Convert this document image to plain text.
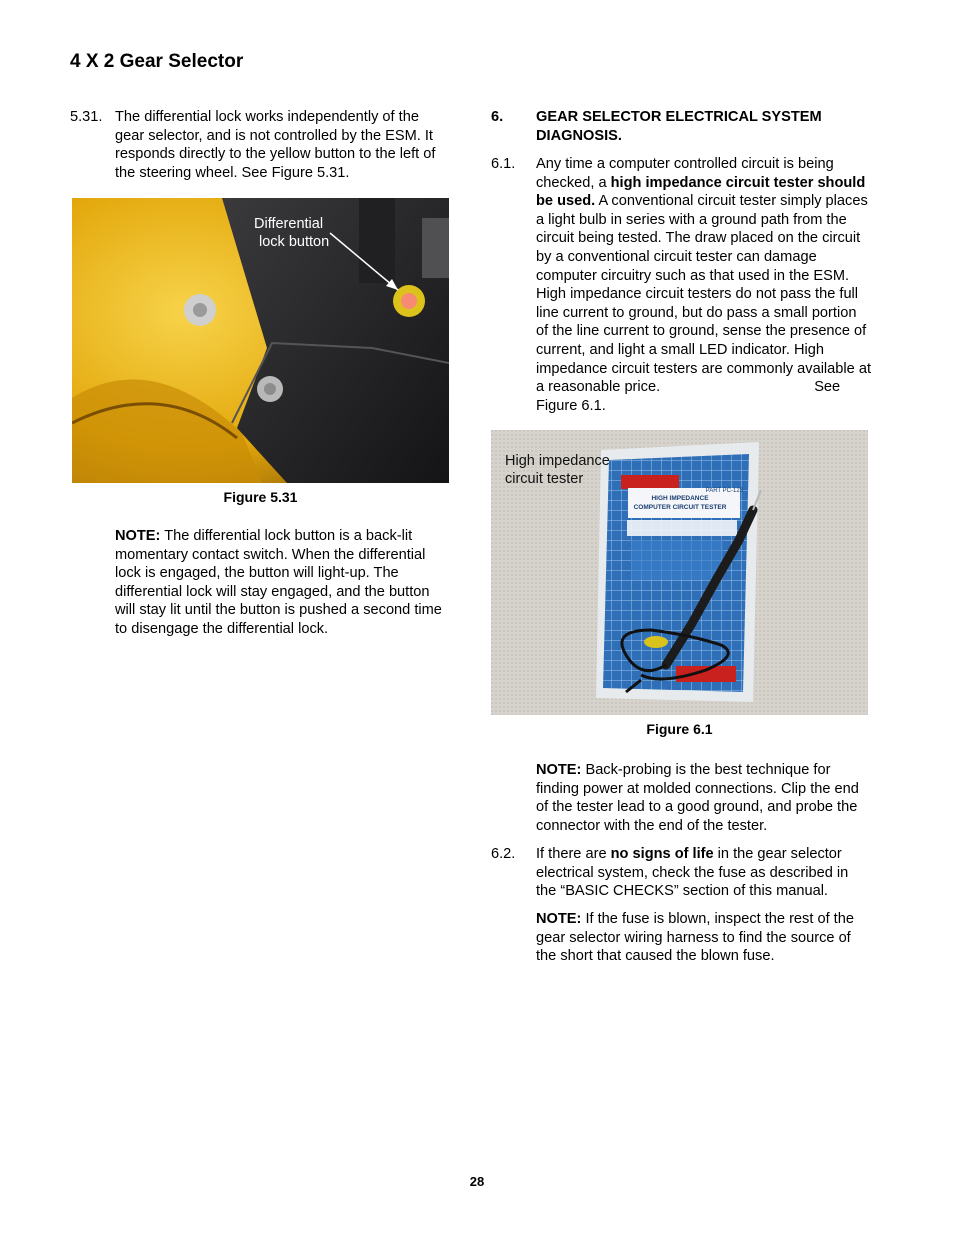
4 X 2 Gear Selector
5.31. The differential lock works independently of the gear selector, and is not controlled by the ESM. It responds directly to the yellow button to the left of the steering wheel. See Figure 5.31.
Differential
lock button
Figure 5.31
NOTE: The differential lock button is a back-lit momentary contact switch. When the differential lock is engaged, the button will light-up. The differential lock will stay engaged, and the button will stay lit until the button is pushed a second time to disengage the differential lock.
6. GEAR SELECTOR ELECTRICAL SYSTEM DIAGNOSIS.
6.1. Any time a computer controlled circuit is being checked, a high impedance circuit tester should be used. A conventional circuit tester simply places a light bulb in series with a ground path from the circuit being tested. The draw placed on the circuit by a conventional circuit tester can damage computer circuitry such as that used in the ESM. High impedance circuit testers do not pass the full line current to ground, but do pass a small portion of the line current to ground, sense the presence of current, and light a small LED indicator. High impedance circuit testers are commonly available at a reasonable price.	See Figure 6.1.
High impedance
circuit tester
PART PC-123
HIGH IMPEDANCE
COMPUTER CIRCUIT TESTER
Figure 6.1
NOTE: Back-probing is the best technique for finding power at molded connections. Clip the end of the tester lead to a good ground, and probe the connector with the end of the tester.
6.2. If there are no signs of life in the gear selector electrical system, check the fuse as described in the “BASIC CHECKS” section of this manual.
NOTE: If the fuse is blown, inspect the rest of the gear selector wiring harness to find the source of the short that caused the blown fuse.
28
